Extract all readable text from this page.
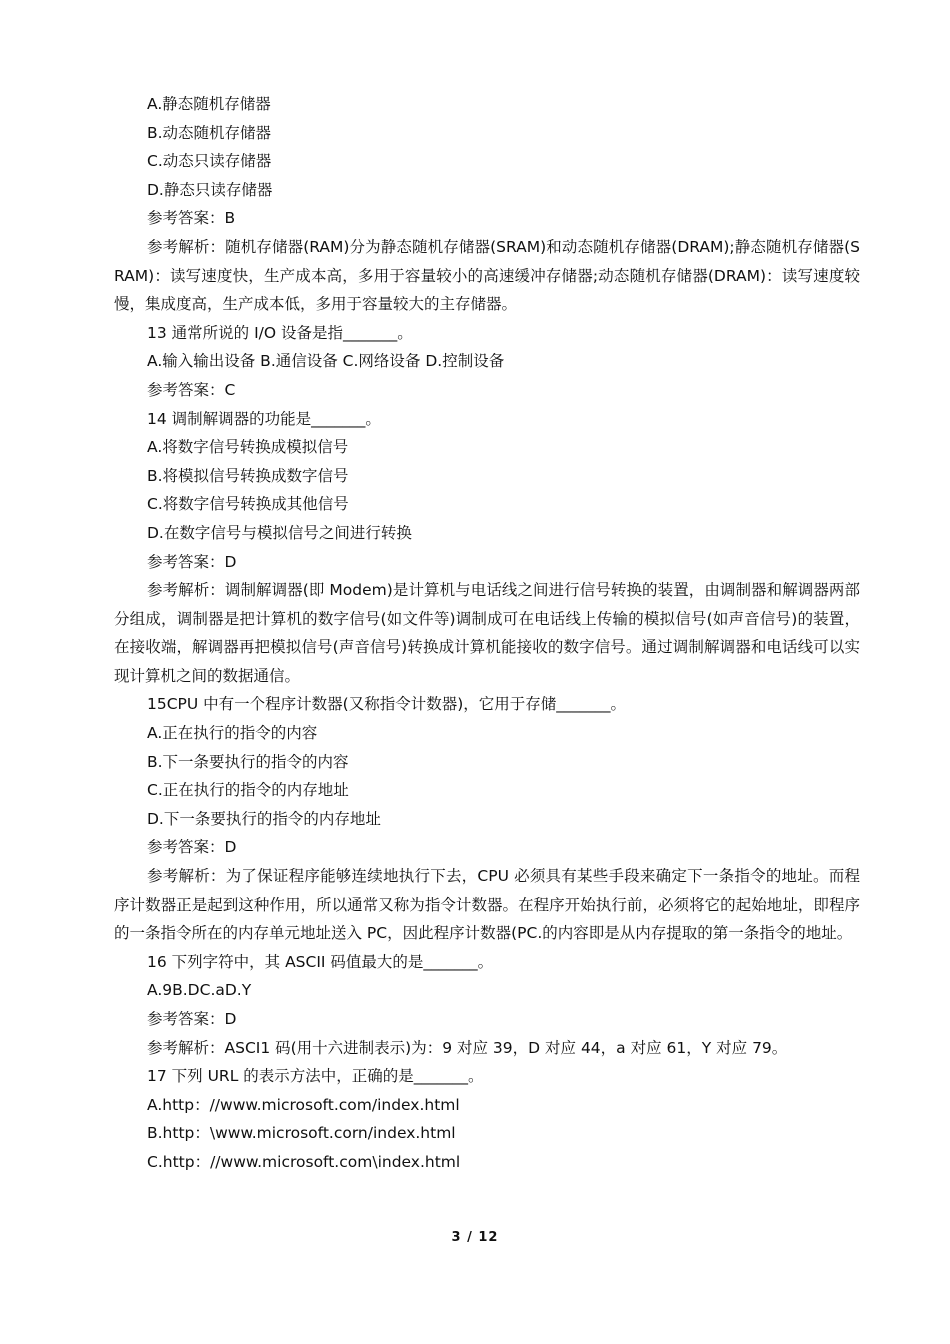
A.静态随机存储器

B.动态随机存储器

C.动态只读存储器

D.静态只读存储器

参考答案：B

参考解析：随机存储器(RAM)分为静态随机存储器(SRAM)和动态随机存储器(DRAM);静态随机存储器(SRAM)：读写速度快，生产成本高，多用于容量较小的高速缓冲存储器;动态随机存储器(DRAM)：读写速度较慢，集成度高，生产成本低，多用于容量较大的主存储器。

13 通常所说的 I/O 设备是指_______。

A.输入输出设备 B.通信设备 C.网络设备 D.控制设备

参考答案：C

14 调制解调器的功能是_______。

A.将数字信号转换成模拟信号

B.将模拟信号转换成数字信号

C.将数字信号转换成其他信号

D.在数字信号与模拟信号之间进行转换

参考答案：D

参考解析：调制解调器(即 Modem)是计算机与电话线之间进行信号转换的装置，由调制器和解调器两部分组成，调制器是把计算机的数字信号(如文件等)调制成可在电话线上传输的模拟信号(如声音信号)的装置，在接收端，解调器再把模拟信号(声音信号)转换成计算机能接收的数字信号。通过调制解调器和电话线可以实现计算机之间的数据通信。

15CPU 中有一个程序计数器(又称指令计数器)，它用于存储_______。

A.正在执行的指令的内容

B.下一条要执行的指令的内容

C.正在执行的指令的内存地址

D.下一条要执行的指令的内存地址

参考答案：D

参考解析：为了保证程序能够连续地执行下去，CPU 必须具有某些手段来确定下一条指令的地址。而程序计数器正是起到这种作用，所以通常又称为指令计数器。在程序开始执行前，必须将它的起始地址，即程序的一条指令所在的内存单元地址送入 PC，因此程序计数器(PC.的内容即是从内存提取的第一条指令的地址。

16 下列字符中，其 ASCII 码值最大的是_______。

A.9B.DC.aD.Y

参考答案：D

参考解析：ASCI1 码(用十六进制表示)为：9 对应 39，D 对应 44，a 对应 61，Y 对应 79。

17 下列 URL 的表示方法中，正确的是_______。

A.http：//www.microsoft.com/index.html

B.http：\www.microsoft.corn/index.html

C.http：//www.microsoft.com\index.html

3 / 12
